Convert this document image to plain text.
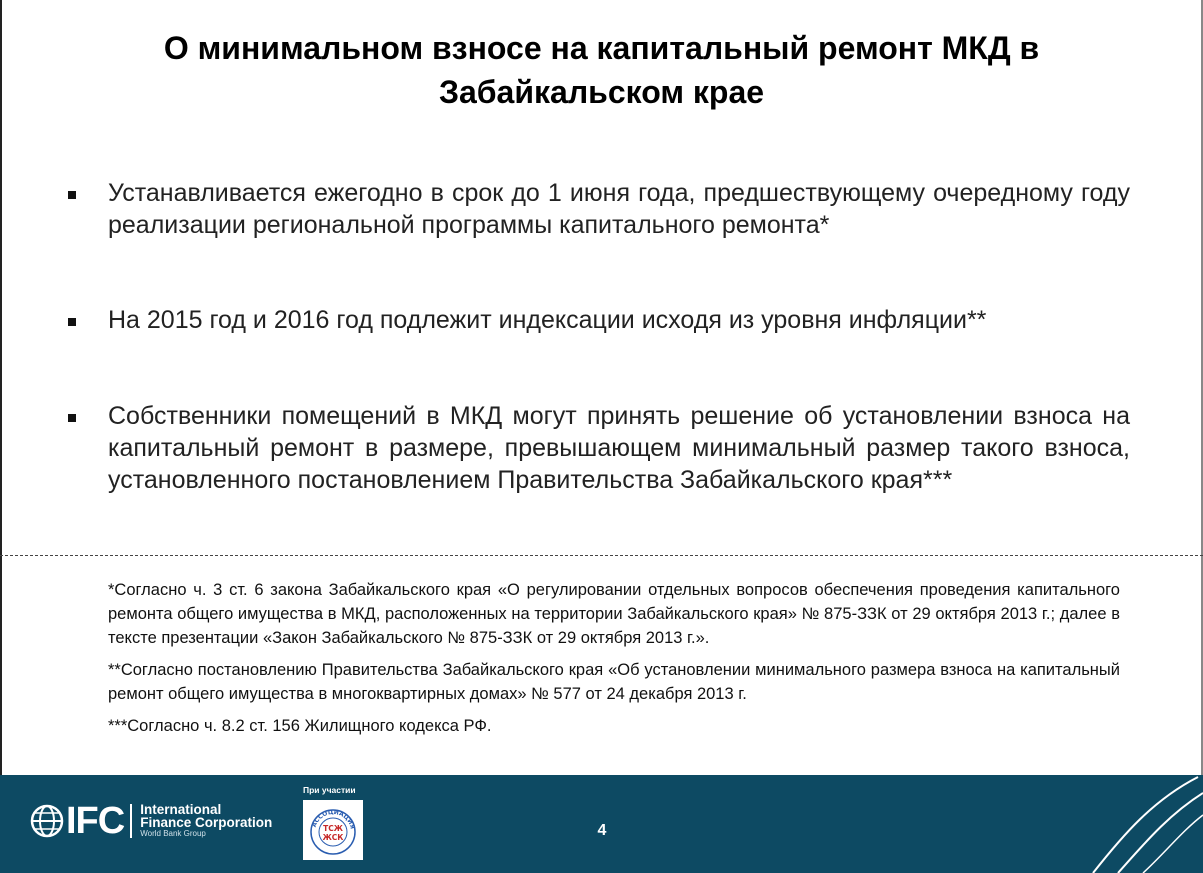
О минимальном взносе на капитальный ремонт МКД в Забайкальском крае
Устанавливается ежегодно в срок до 1 июня года, предшествующему очередному году реализации региональной программы капитального ремонта*
На 2015 год и 2016 год подлежит индексации исходя из уровня инфляции**
Собственники помещений в МКД могут принять решение об установлении взноса на капитальный ремонт в размере, превышающем минимальный размер такого взноса, установленного постановлением Правительства Забайкальского края***
*Согласно ч. 3 ст. 6 закона Забайкальского края «О регулировании отдельных вопросов обеспечения проведения капитального ремонта общего имущества в МКД, расположенных на территории Забайкальского края» № 875-ЗЗК от 29 октября 2013 г.; далее в тексте презентации «Закон Забайкальского № 875-ЗЗК от 29 октября 2013 г.».
**Согласно постановлению Правительства Забайкальского края «Об установлении минимального размера взноса на капитальный ремонт общего имущества в многоквартирных домах» № 577 от 24 декабря 2013 г.
***Согласно ч. 8.2 ст. 156 Жилищного кодекса РФ.
IFC International
Finance Corporation
World Bank Group	4
При участии
АССОЦИАЦИЯ
ТСЖ
ЖСК
